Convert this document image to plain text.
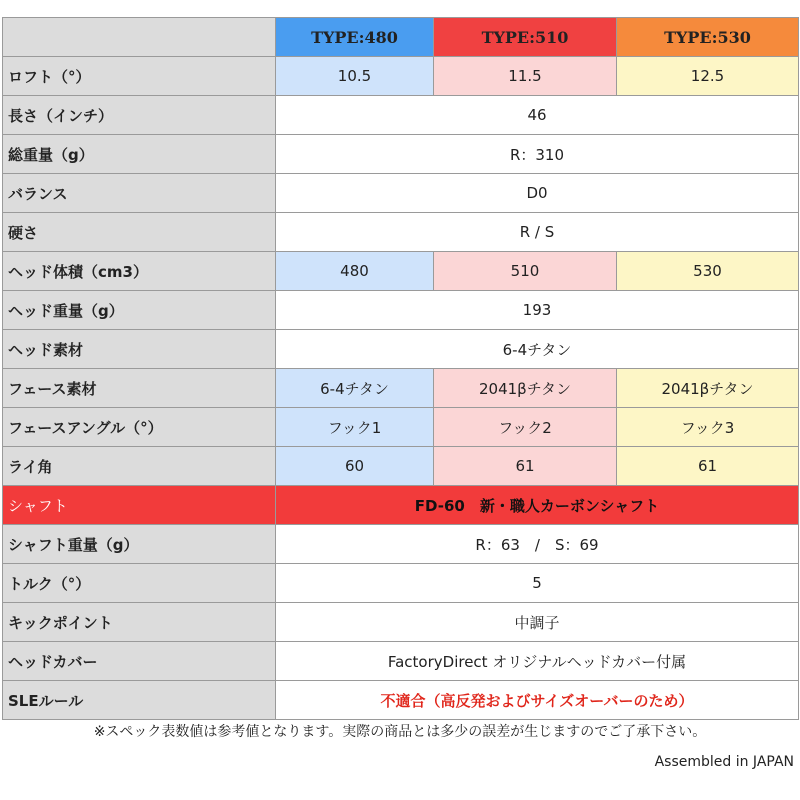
	TYPE:480	TYPE:510	TYPE:530
ロフト（°）	10.5	11.5	12.5
長さ（インチ）	46		
総重量（g）	R：310		
バランス	D0		
硬さ	R / S		
ヘッド体積（cm3）	480	510	530
ヘッド重量（g）	193		
ヘッド素材	6-4チタン		
フェース素材	6-4チタン	2041βチタン	2041βチタン
フェースアングル（°）	フック1	フック2	フック3
ライ角	60	61	61
シャフト	FD-60　新・職人カーボンシャフト		
シャフト重量（g）	R：63　/　S：69		
トルク（°）	5		
キックポイント	中調子		
ヘッドカバー	FactoryDirect オリジナルヘッドカバー付属		
SLEルール	不適合（高反発およびサイズオーバーのため）		
※スペック表数値は参考値となります。実際の商品とは多少の誤差が生じますのでご了承下さい。
Assembled in JAPAN
